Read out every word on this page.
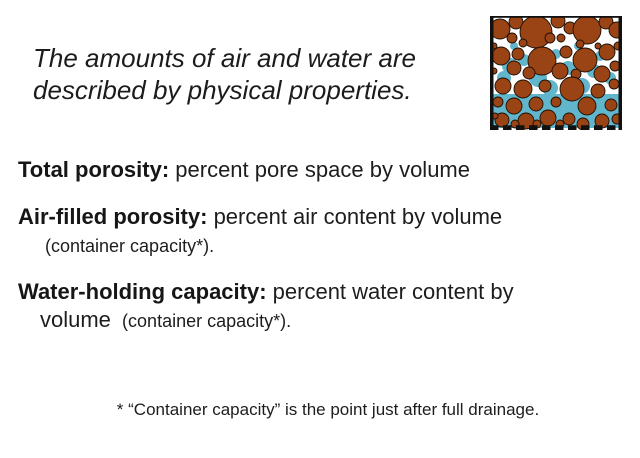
The amounts of air and water are
described by physical properties.

Total porosity: percent pore space by volume

Air-filled porosity: percent air content by volume (container capacity*).

Water-holding capacity: percent water content by volume (container capacity*).

* “Container capacity” is the point just after full drainage.
